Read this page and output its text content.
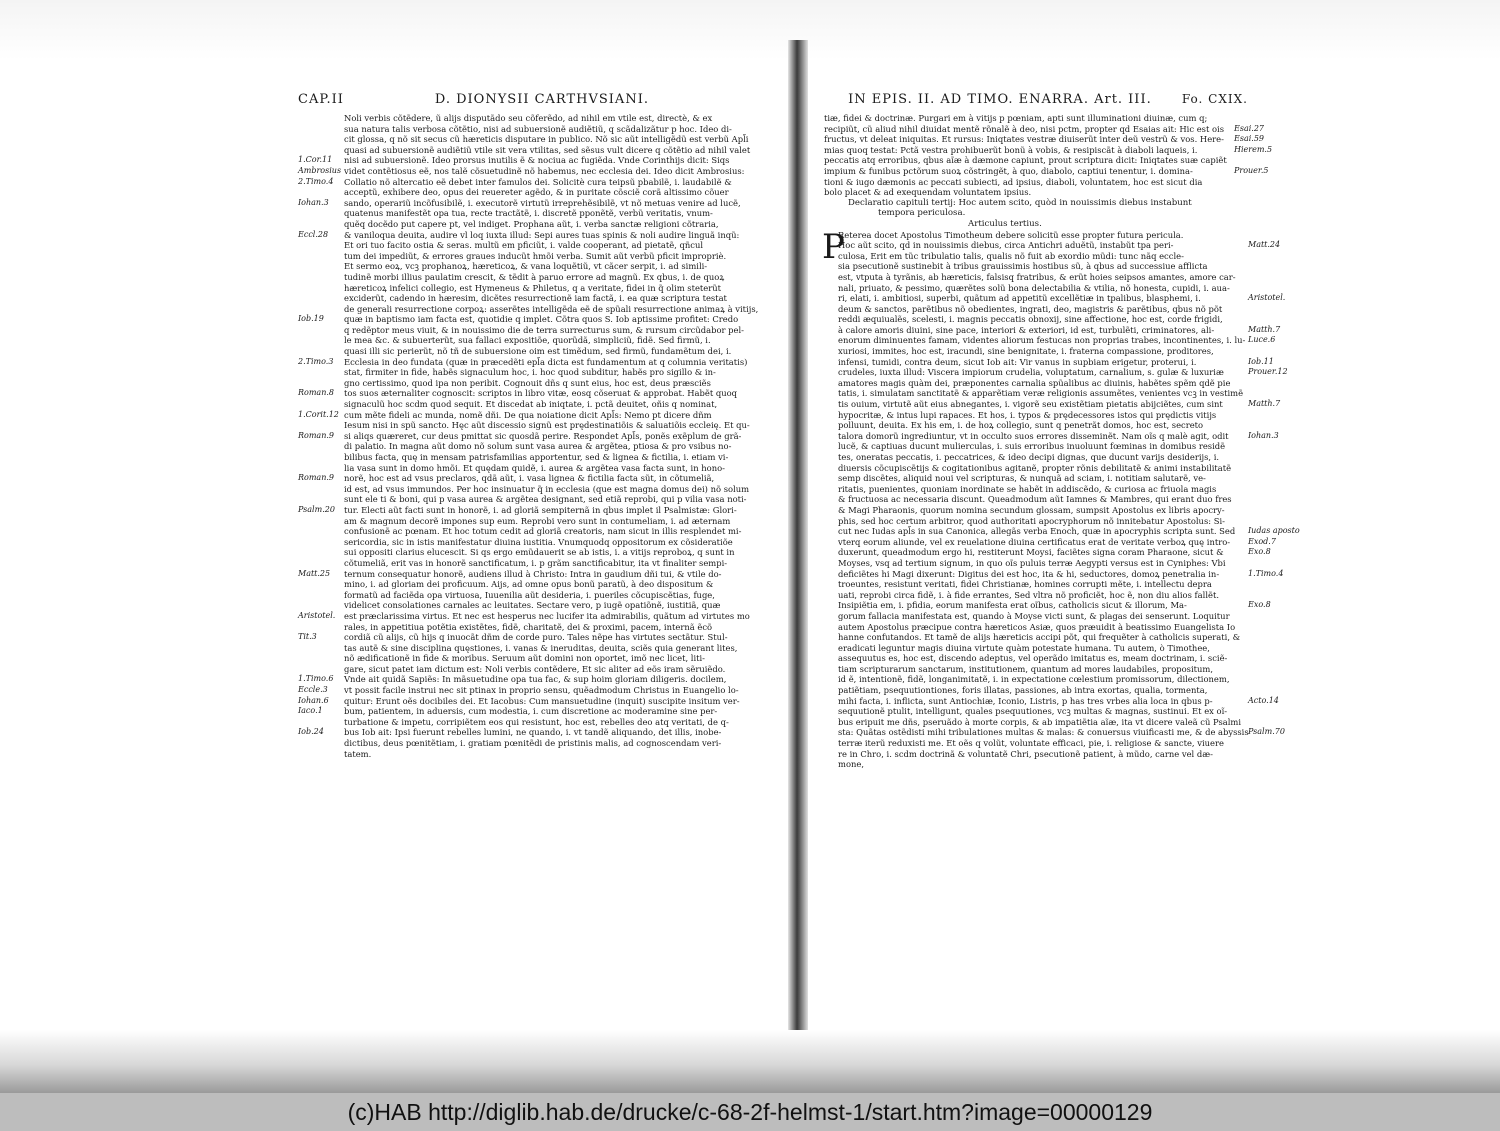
CAP.II	D. DIONYSII CARTHVSIANI.
Noli verbis cõtẽdere, ũ alijs disputãdo seu cõferẽdo, ad nihil em vtile est, directè, & ex
sua natura talis verbosa cõtẽtio, nisi ad subuersionẽ audiẽtiũ, q scãdalizãtur p hoc. Ideo di-
cit glossa, q nõ sit secus cũ hæreticis disputare in publico. Nõ sic aũt intelligẽdũ est verbũ Apl̃i
quasi ad subuersionẽ audiẽtiũ vtile sit vera vtilitas, sed sẽsus vult dicere q cõtẽtio ad nihil valet
nisi ad subuersionẽ. Ideo prorsus inutilis ẽ & nociua ac fugiẽda. Vnde Corinthijs dicit: Siqs
1.Cor.11
videt contẽtiosus eẽ, nos talẽ cõsuetudinẽ nõ habemus, nec ecclesia dei. Ideo dicit Ambrosius:
Ambrosius
Collatio nõ altercatio eẽ debet inter famulos dei. Solicitè cura teipsũ pbabilẽ, i. laudabilẽ &
2.Timo.4
acceptũ, exhibere deo, opus dei reuereter agẽdo, & in puritate cõsciẽ corã altissimo cõuer
sando, operariũ incõfusibilẽ, i. executorẽ virtutũ irreprehẽsibilẽ, vt nõ metuas venire ad lucẽ,
Iohan.3
quatenus manifestẽt opa tua, recte tractãtẽ, i. discretẽ pponẽtẽ, verbũ veritatis, vnum-
quẽq docẽdo put capere pt, vel indiget. Prophana aũt, i. verba sanctæ religioni cõtraria,
& vaniloqua deuita, audire vl loq iuxta illud: Sepi aures tuas spinis & noli audire linguã inqũ:
Eccl.28
Et ori tuo facito ostia & seras. multũ em pficiũt, i. valde cooperant, ad pietatẽ, qñcul
tum dei impediũt, & errores graues inducũt hmõi verba. Sumit aũt verbũ pficit impropriè.
Et sermo eoꝝ, vcꝫ prophanoꝝ, hæreticoꝝ, & vana loquẽtiũ, vt cãcer serpit, i. ad simili-
tudinẽ morbi illius paulatim crescit, & tẽdit à paruo errore ad magnũ. Ex qbus, i. de quoꝝ
hæreticoꝝ infelici collegio, est Hymeneus & Philetus, q a veritate, fidei in q̃ olim steterũt
exciderũt, cadendo in hæresim, dicẽtes resurrectionẽ iam factã, i. ea quæ scriptura testat
de generali resurrectione corpoꝝ: asserẽtes intelligẽda eẽ de spũali resurrectione animaꝝ à vitijs,
quæ in baptismo iam facta est, quotidie q implet. Cõtra quos S. Iob aptissime profitet: Credo
Iob.19
q redẽptor meus viuit, & in nouissimo die de terra surrecturus sum, & rursum circũdabor pel-
le mea &c. & subuerterũt, sua fallaci expositiõe, quorũdã, simpliciũ, fidẽ. Sed firmũ, i.
quasi illi sic perierũt, nõ tñ de subuersione oim est timẽdum, sed firmũ, fundamẽtum dei, i.
Ecclesia in deo fundata (quæ in præcedẽti epl̃a dicta est fundamentum at q columnia veritatis)
2.Timo.3
stat, firmiter in fide, habẽs signaculum hoc, i. hoc quod subditur, habẽs pro sigillo & in-
gno certissimo, quod ipa non peribit. Cognouit dñs q sunt eius, hoc est, deus præsciẽs
tos suos æternaliter cognoscit: scriptos in libro vitæ, eosq cõseruat & approbat. Habẽt quoq
Roman.8
signaculũ hoc scdm quod sequit. Et discedat ab iniqtate, i. pctã deuitet, oñis q nominat,
cum mẽte fideli ac munda, nomẽ dñi. De qua noiatione dicit Apl̃s: Nemo pt dicere dñm
1.Corit.12
Iesum nisi in spũ sancto. Hęc aũt discessio signũ est prędestinatiõis & saluatiõis eccleię. Et qu-
si aliqs quæreret, cur deus pmittat sic quosdã perire. Respondet Apl̃s, ponẽs exẽplum de grã-
Roman.9
di palatio. In magna aũt domo nõ solum sunt vasa aurea & argẽtea, ptiosa & pro vsibus no-
bilibus facta, quę in mensam patrisfamilias apportentur, sed & lignea & fictilia, i. etiam vi-
lia vasa sunt in domo hmõi. Et quędam quidẽ, i. aurea & argẽtea vasa facta sunt, in hono-
norẽ, hoc est ad vsus preclaros, qdã aũt, i. vasa lignea & fictilia facta sũt, in cõtumeliã,
Roman.9
id est, ad vsus immundos. Per hoc insinuatur q̃ in ecclesia (que est magna domus dei) nõ solum
sunt ele ti & boni, qui p vasa aurea & argẽtea designant, sed etiã reprobi, qui p vilia vasa noti-
tur. Electi aũt facti sunt in honorẽ, i. ad gloriã sempiternã in qbus implet il Psalmistæ: Glori-
Psalm.20
am & magnum decorẽ impones sup eum. Reprobi vero sunt in contumeliam, i. ad æternam
confusionẽ ac pœnam. Et hoc totum cedit ad gloriã creatoris, nam sicut in illis resplendet mi-
sericordia, sic in istis manifestatur diuina iustitia. Vnumquodq oppositorum ex cõsideratiõe
sui oppositi clarius elucescit. Si qs ergo emũdauerit se ab istis, i. a vitijs reproboꝝ, q sunt in
cõtumeliã, erit vas in honorẽ sanctificatum, i. p grãm sanctificabitur, ita vt finaliter sempi-
ternum consequatur honorẽ, audiens illud à Christo: Intra in gaudium dñi tui, & vtile do-
Matt.25
mino, i. ad gloriam dei proficuum. Aijs, ad omne opus bonũ paratũ, à deo dispositum &
formatũ ad faciẽda opa virtuosa, Iuuenilia aũt desideria, i. pueriles cõcupiscẽtias, fuge,
videlicet consolationes carnales ac leuitates. Sectare vero, p iugẽ opatiõnẽ, iustitiã, quæ
est præclarissima virtus. Et nec est hesperus nec lucifer ita admirabilis, quãtum ad virtutes mo
Aristotel.
rales, in appetitiua potẽtia existẽtes, fidẽ, charitatẽ, dei & proximi, pacem, internã ẽcõ
cordiã cũ alijs, cũ hijs q inuocãt dñm de corde puro. Tales nẽpe has virtutes sectãtur. Stul-
Tit.3
tas autẽ & sine disciplina quęstiones, i. vanas & ineruditas, deuita, sciẽs quia generant lites,
nõ ædificationẽ in fide & moribus. Seruum aũt domini non oportet, imõ nec licet, liti-
gare, sicut patet iam dictum est: Noli verbis contẽdere, Et sic aliter ad eõs iram sẽruiẽdo.
Vnde ait quidã Sapiẽs: In mãsuetudine opa tua fac, & sup hoim gloriam diligeris. docilem,
1.Timo.6
vt possit facile instrui nec sit ptinax in proprio sensu, quẽadmodum Christus in Euangelio lo-
Eccle.3
quitur: Erunt oẽs docibiles dei. Et Iacobus: Cum mansuetudine (inquit) suscipite insitum ver-
Iohan.6
bum, patientem, in aduersis, cum modestia, i. cum discretione ac moderamine sine per-
Iaco.1
turbatione & impetu, corripiẽtem eos qui resistunt, hoc est, rebelles deo atq veritati, de q-
bus Iob ait: Ipsi fuerunt rebelles lumini, ne quando, i. vt tandẽ aliquando, det illis, inobe-
Iob.24
dictibus, deus pœnitẽtiam, i. gratiam pœnitẽdi de pristinis malis, ad cognoscendam veri-
tatem.
IN EPIS. II. AD TIMO. ENARRA. Art. III.	Fo. CXIX.
tiæ, fidei & doctrinæ. Purgari em à vitijs p pœniam, apti sunt illuminationi diuinæ, cum q;
recipiũt, cũ aliud nihil diuidat mentẽ rõnalẽ à deo, nisi pctm, propter qd Esaias ait: Hic est ois Esai.27
fructus, vt deleat iniquitas. Et rursus: Iniqtates vestræ diuiserũt inter deũ vestrũ & vos. Here- Esai.59
mias quoq testat: Pctã vestra prohibuerũt bonũ à vobis, & resipiscãt à diaboli laqueis, i.	Hierem.5
peccatis atq erroribus, qbus aĩæ à dæmone capiunt, prout scriptura dicit: Iniqtates suæ capiẽt
impium & funibus pctõrum suoꝝ cõstringẽt, à quo, diabolo, captiui tenentur, i. domina-	Prouer.5
tioni & iugo dæmonis ac peccati subiecti, ad ipsius, diaboli, voluntatem, hoc est sicut dia
bolo placet & ad exequendam voluntatem ipsius.
Declaratio capituli tertij: Hoc autem scito, quòd in nouissimis diebus instabunt
tempora periculosa.
Articulus tertius.
P
Reterea docet Apostolus Timotheum debere solicitũ esse propter futura pericula.
Hoc aũt scito, qd in nouissimis diebus, circa Antichri aduẽtũ, instabũt tpa peri-	Matt.24
culosa, Erit em tũc tribulatio talis, qualis nõ fuit ab exordio mũdi: tunc nãq eccle-
sia psecutionẽ sustinebit à tribus grauissimis hostibus sũ, à qbus ad successiue afflicta
est, vtputa à tyrãnis, ab hæreticis, falsisq fratribus, & erũt hoies seipsos amantes, amore car-
nali, priuato, & pessimo, quærẽtes solũ bona delectabilia & vtilia, nõ honesta, cupidi, i. aua-
ri, elati, i. ambitiosi, superbi, quãtum ad appetitũ excellẽtiæ in tpalibus, blasphemi, i.	Aristotel.
deum & sanctos, parẽtibus nõ obedientes, ingrati, deo, magistris & parẽtibus, qbus nõ põt
reddi æquiualẽs, scelesti, i. magnis peccatis obnoxij, sine affectione, hoc est, corde frigidi,
à calore amoris diuini, sine pace, interiori & exteriori, id est, turbulẽti, criminatores, ali-	Matth.7
enorum diminuentes famam, videntes aliorum festucas non proprias trabes, incontinentes, i. lu- Luce.6
xuriosi, immites, hoc est, iracundi, sine benignitate, i. fraterna compassione, proditores,
infensi, tumidi, contra deum, sicut Iob ait: Vir vanus in supbiam erigetur, proterui, i.	Iob.11
crudeles, iuxta illud: Viscera impiorum crudelia, voluptatum, carnalium, s. gulæ & luxuriæ	Prouer.12
amatores magis quàm dei, præponentes carnalia spũalibus ac diuinis, habẽtes spẽm qdẽ pie
tatis, i. simulatam sanctitatẽ & apparẽtiam veræ religionis assumẽtes, venientes vcꝫ in vestimẽ
tis ouium, virtutẽ aũt eius abnegantes, i. vigorẽ seu existẽtiam pietatis abijciẽtes, cum sint	Matth.7
hypocritæ, & intus lupi rapaces. Et hos, i. typos & prędecessores istos qui prędictis vitijs
polluunt, deuita. Ex his em, i. de hoꝝ collegio, sunt q penetrãt domos, hoc est, secreto
talora domorũ ingrediuntur, vt in occulto suos errores disseminẽt. Nam oĩs q malè agit, odit Iohan.3
lucẽ, & captiuas ducunt mulierculas, i. suis erroribus inuoluunt fœminas in domibus residẽ
tes, oneratas peccatis, i. peccatrices, & ideo decipi dignas, que ducunt varijs desiderijs, i.
diuersis cõcupiscẽtijs & cogitationibus agitanẽ, propter rõnis debilitatẽ & animi instabilitatẽ
semp discẽtes, aliquid noui vel scripturas, & nunquã ad sciam, i. notitiam salutarẽ, ve-
ritatis, puenientes, quoniam inordinate se habẽt in addiscẽdo, & curiosa ac friuola magis
& fructuosa ac necessaria discunt. Queadmodum aũt Iamnes & Mambres, qui erant duo fres
& Magi Pharaonis, quorum nomina secundum glossam, sumpsit Apostolus ex libris apocry-
phis, sed hoc certum arbitror, quod authoritati apocryphorum nõ innitebatur Apostolus: Si-
cut nec Iudas apl̃s in sua Canonica, allegãs verba Enoch, quæ in apocryphis scripta sunt. Sed Iudas aposto
vterq eorum aliunde, vel ex reuelatione diuina certificatus erat de veritate verboꝝ quę intro- Exod.7
duxerunt, queadmodum ergo hi, restiterunt Moysi, faciẽtes signa coram Pharaone, sicut &	Exo.8
Moyses, vsq ad tertium signum, in quo oĩs puluis terræ Aegypti versus est in Cyniphes: Vbi
deficiẽtes hi Magi dixerunt: Digitus dei est hoc, ita & hi, seductores, domoꝝ penetralia in-	1.Timo.4
troeuntes, resistunt veritati, fidei Christianæ, homines corrupti mẽte, i. intellectu depra
uati, reprobi circa fidẽ, i. à fide errantes, Sed vltra nõ proficiẽt, hoc ẽ, non diu alios fallẽt.
Insipiẽtia em, i. pfidia, eorum manifesta erat oĩbus, catholicis sicut & illorum, Ma-	Exo.8
gorum fallacia manifestata est, quando à Moyse victi sunt, & plagas dei senserunt. Loquitur
autem Apostolus præcipue contra hæreticos Asiæ, quos præuidit à beatissimo Euangelista Io
hanne confutandos. Et tamẽ de alijs hæreticis accipi põt, qui frequẽter à catholicis superati, &
eradicati leguntur magis diuina virtute quàm potestate humana. Tu autem, ò Timothee,
assequutus es, hoc est, discendo adeptus, vel operãdo imitatus es, meam doctrinam, i. sciẽ-
tiam scripturarum sanctarum, institutionem, quantum ad mores laudabiles, propositum,
id ẽ, intentionẽ, fidẽ, longanimitatẽ, i. in expectatione cœlestium promissorum, dilectionem,
patiẽtiam, psequutiontiones, foris illatas, passiones, ab intra exortas, qualia, tormenta,
mihi facta, i. inflicta, sunt Antiochiæ, Iconio, Listris, p has tres vrbes alia loca in qbus p-	Acto.14
sequutionẽ ptulit, intelligunt, quales psequutiones, vcꝫ multas & magnas, sustinui. Et ex oĩ-
bus eripuit me dñs, pseruãdo à morte corpis, & ab impatiẽtia aĩæ, ita vt dicere valeã cũ Psalmi
sta: Quãtas ostẽdisti mihi tribulationes multas & malas: & conuersus viuificasti me, & de abyssis Psalm.70
terræ iterũ reduxisti me. Et oẽs q volũt, voluntate efficaci, pie, i. religiose & sancte, viuere
re in Chro, i. scdm doctrinã & voluntatẽ Chri, psecutionẽ patient, à mũdo, carne vel dæ-
mone,
(c)HAB http://diglib.hab.de/drucke/c-68-2f-helmst-1/start.htm?image=00000129
